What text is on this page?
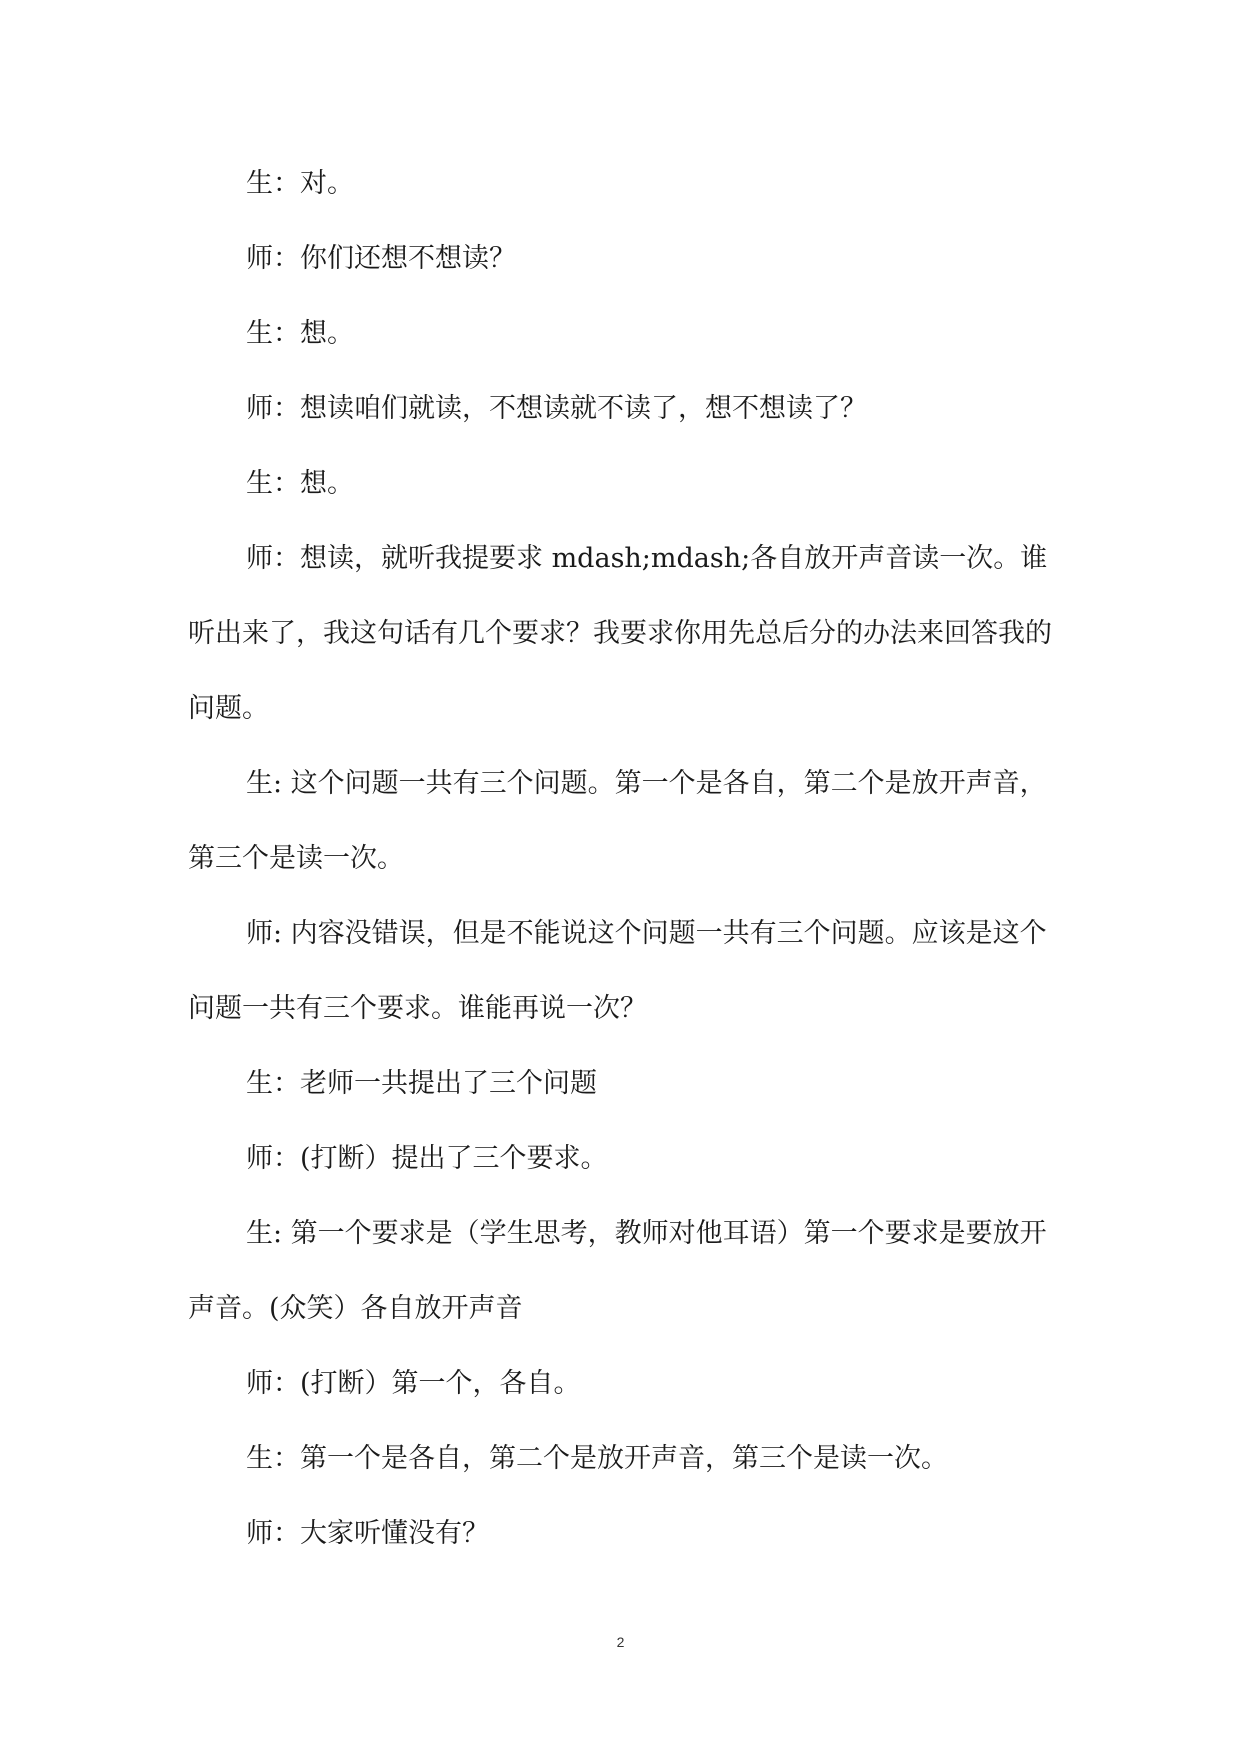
生：对。

师：你们还想不想读？

生：想。

师：想读咱们就读，不想读就不读了，想不想读了？

生：想。

师：想读，就听我提要求 mdash;mdash;各自放开声音读一次。谁听出来了，我这句话有几个要求？我要求你用先总后分的办法来回答我的问题。

生: 这个问题一共有三个问题。第一个是各自，第二个是放开声音，第三个是读一次。

师: 内容没错误，但是不能说这个问题一共有三个问题。应该是这个问题一共有三个要求。谁能再说一次？

生：老师一共提出了三个问题

师：(打断）提出了三个要求。

生: 第一个要求是（学生思考，教师对他耳语）第一个要求是要放开声音。(众笑）各自放开声音

师：(打断）第一个，各自。

生：第一个是各自，第二个是放开声音，第三个是读一次。

师：大家听懂没有？

2
